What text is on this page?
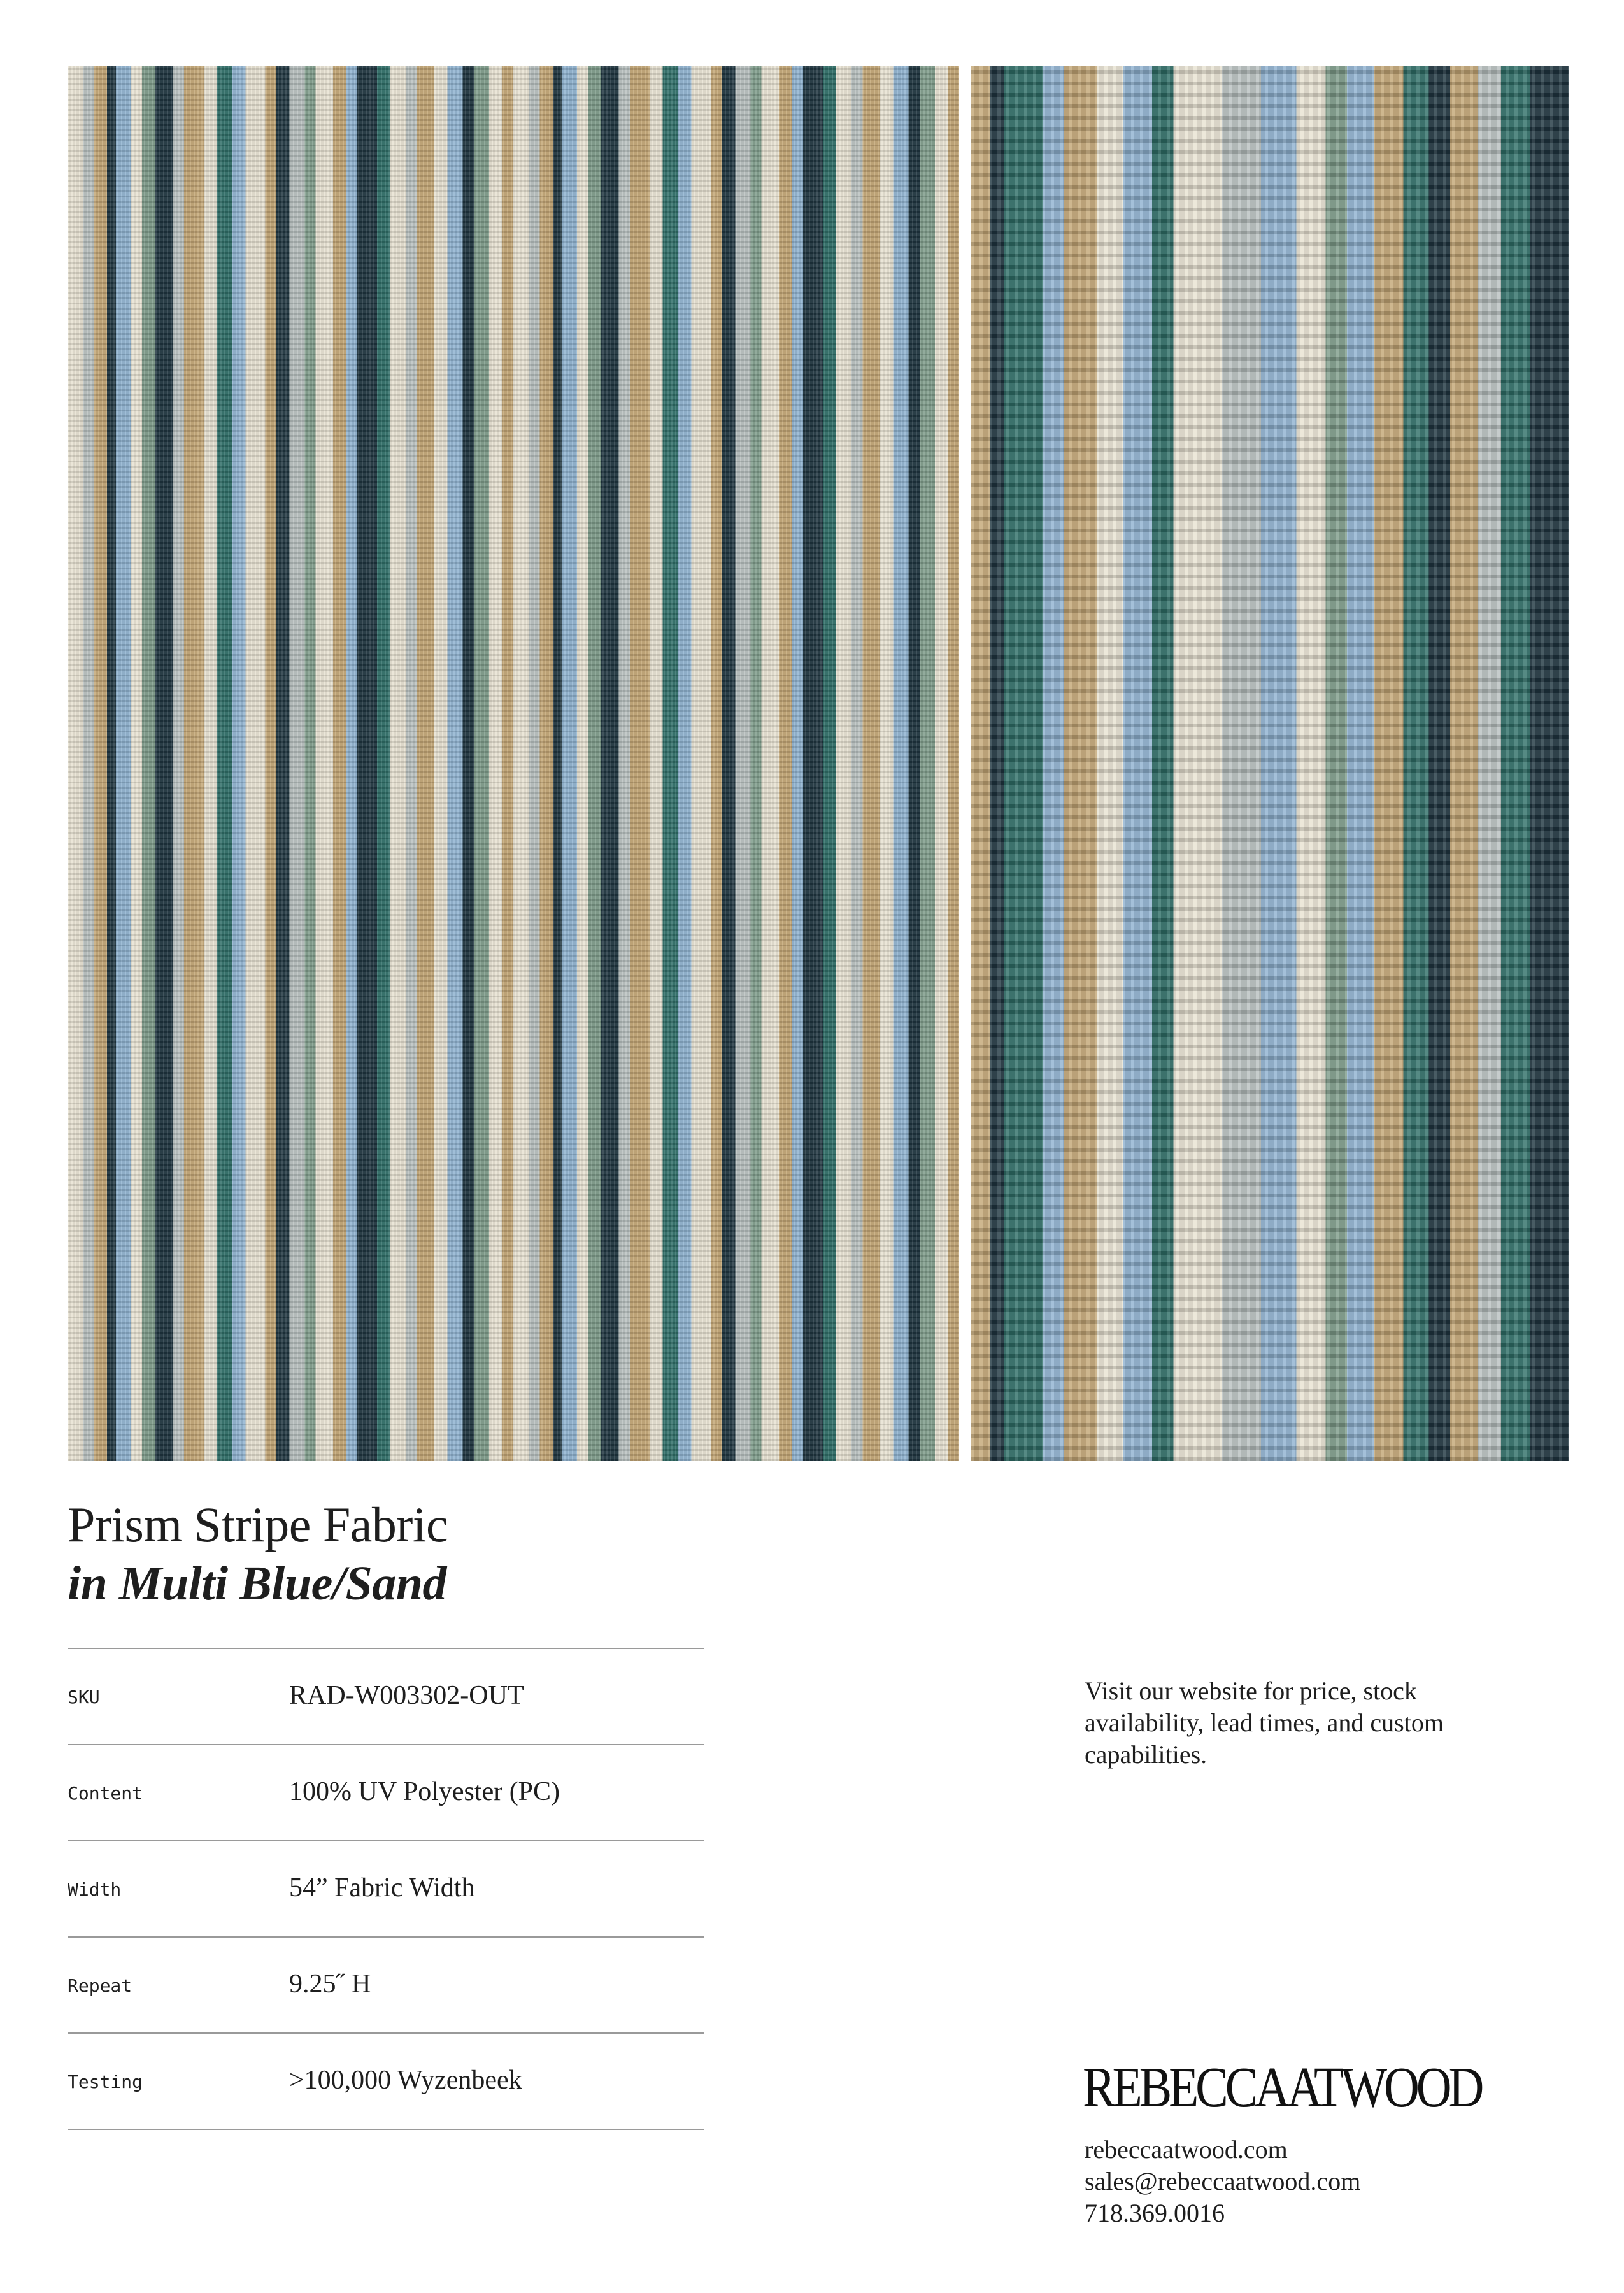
Prism Stripe Fabric
in Multi Blue/Sand
SKU	RAD-W003302-OUT
Content	100% UV Polyester (PC)
Width	54” Fabric Width
Repeat	9.25˝ H
Testing	>100,000 Wyzenbeek
Visit our website for price, stock availability, lead times, and custom capabilities.
REBECCAATWOOD
rebeccaatwood.com
sales@rebeccaatwood.com
718.369.0016
